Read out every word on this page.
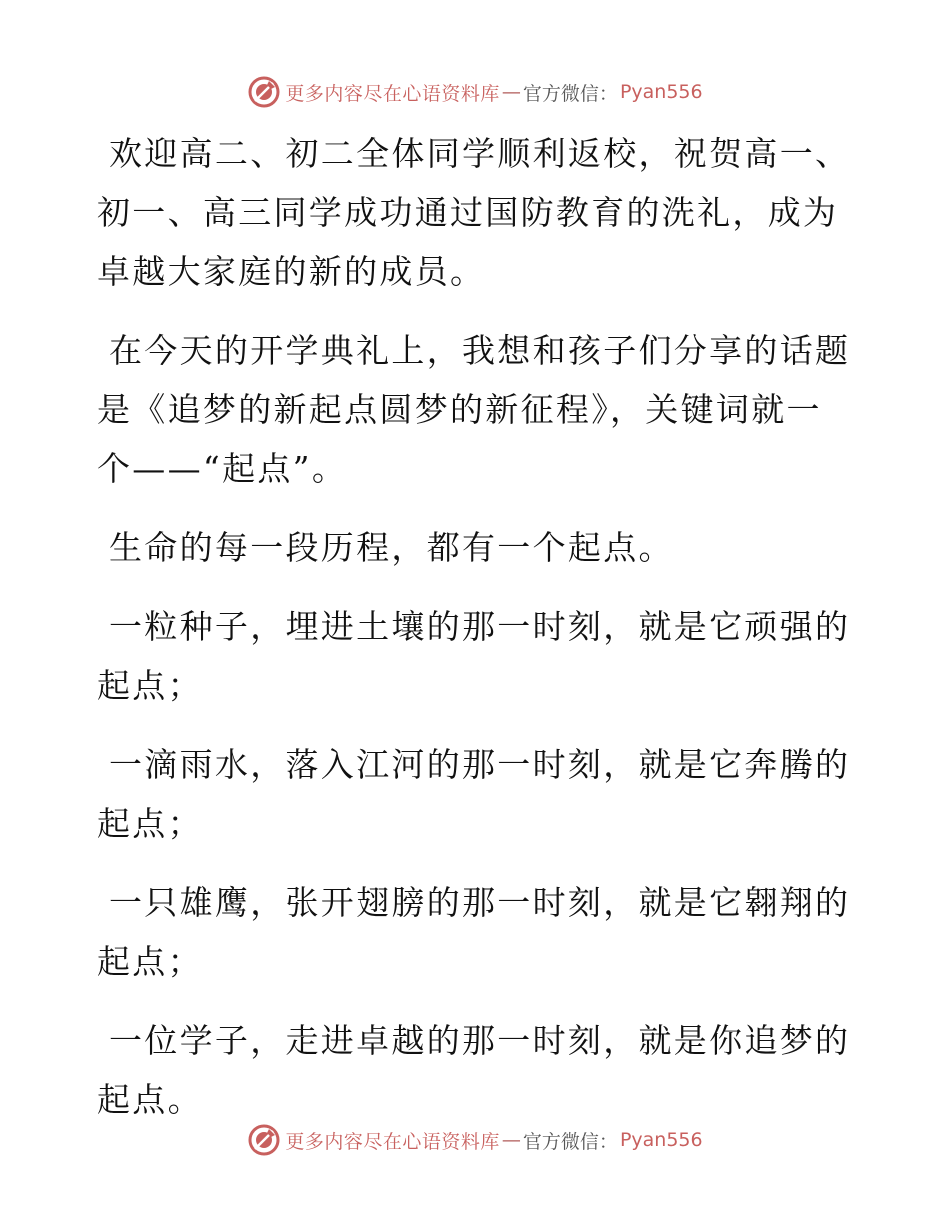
更多内容尽在心语资料库 — 官方微信： Pyan556

欢迎高二、初二全体同学顺利返校，祝贺高一、初一、高三同学成功通过国防教育的洗礼，成为卓越大家庭的新的成员。

在今天的开学典礼上，我想和孩子们分享的话题是《追梦的新起点圆梦的新征程》，关键词就一个——“起点”。

生命的每一段历程，都有一个起点。

一粒种子，埋进土壤的那一时刻，就是它顽强的起点；

一滴雨水，落入江河的那一时刻，就是它奔腾的起点；

一只雄鹰，张开翅膀的那一时刻，就是它翱翔的起点；

一位学子，走进卓越的那一时刻，就是你追梦的起点。

更多内容尽在心语资料库 — 官方微信： Pyan556
